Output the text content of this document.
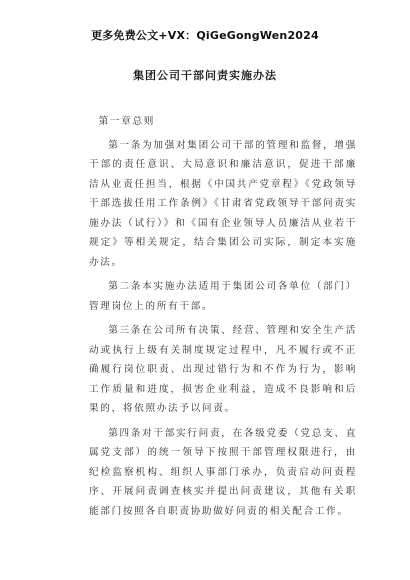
更多免费公文+VX：QiGeGongWen2024
集团公司干部问责实施办法

第一章总则

第一条为加强对集团公司干部的管理和监督，增强干部的责任意识、大局意识和廉洁意识，促进干部廉洁从业责任担当，根据《中国共产党章程》《党政领导干部选拔任用工作条例》《甘肃省党政领导干部问责实施办法（试行）》和《国有企业领导人员廉洁从业若干规定》等相关规定，结合集团公司实际，制定本实施办法。

第二条本实施办法适用于集团公司各单位（部门）管理岗位上的所有干部。

第三条在公司所有决策、经营、管理和安全生产活动或执行上级有关制度规定过程中，凡不履行或不正确履行岗位职责、出现过错行为和不作为行为，影响工作质量和进度，损害企业利益，造成不良影响和后果的，将依照办法予以问责。

第四条对干部实行问责，在各级党委（党总支、直属党支部）的统一领导下按照干部管理权限进行，由纪检监察机构、组织人事部门承办，负责启动问责程序、开展问责调查核实并提出问责建议，其他有关职能部门按照各自职责协助做好问责的相关配合工作。
